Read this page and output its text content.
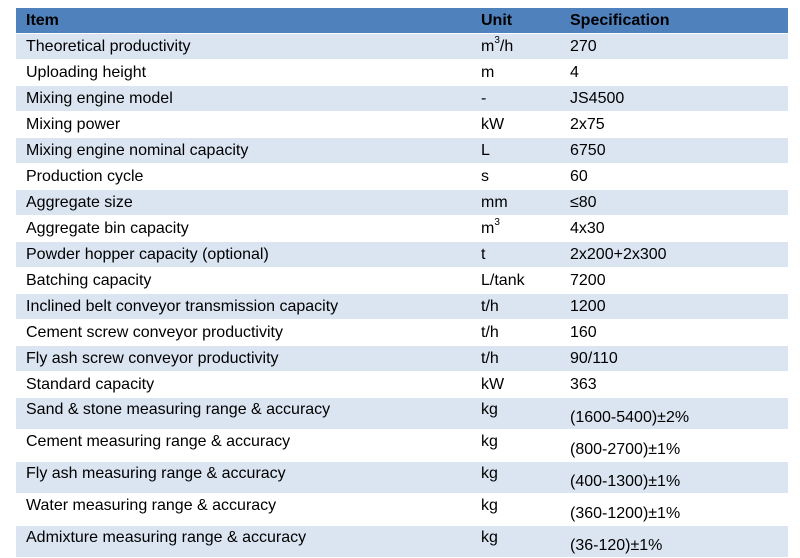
Item	Unit	Specification
Theoretical productivity	$m^3/h$	270
Uploading height	m	4
Mixing engine model	-	JS4500
Mixing power	kW	2x75
Mixing engine nominal capacity	L	6750
Production cycle	s	60
Aggregate size	mm	≤80
Aggregate bin capacity	$m^3$	4x30
Powder hopper capacity (optional)	t	2x200+2x300
Batching capacity	L/tank	7200
Inclined belt conveyor transmission capacity	t/h	1200
Cement screw conveyor productivity	t/h	160
Fly ash screw conveyor productivity	t/h	90/110
Standard capacity	kW	363
Sand & stone measuring range & accuracy	kg	(1600-5400)±2%
Cement measuring range & accuracy	kg	(800-2700)±1%
Fly ash measuring range & accuracy	kg	(400-1300)±1%
Water measuring range & accuracy	kg	(360-1200)±1%
Admixture measuring range & accuracy	kg	(36-120)±1%
